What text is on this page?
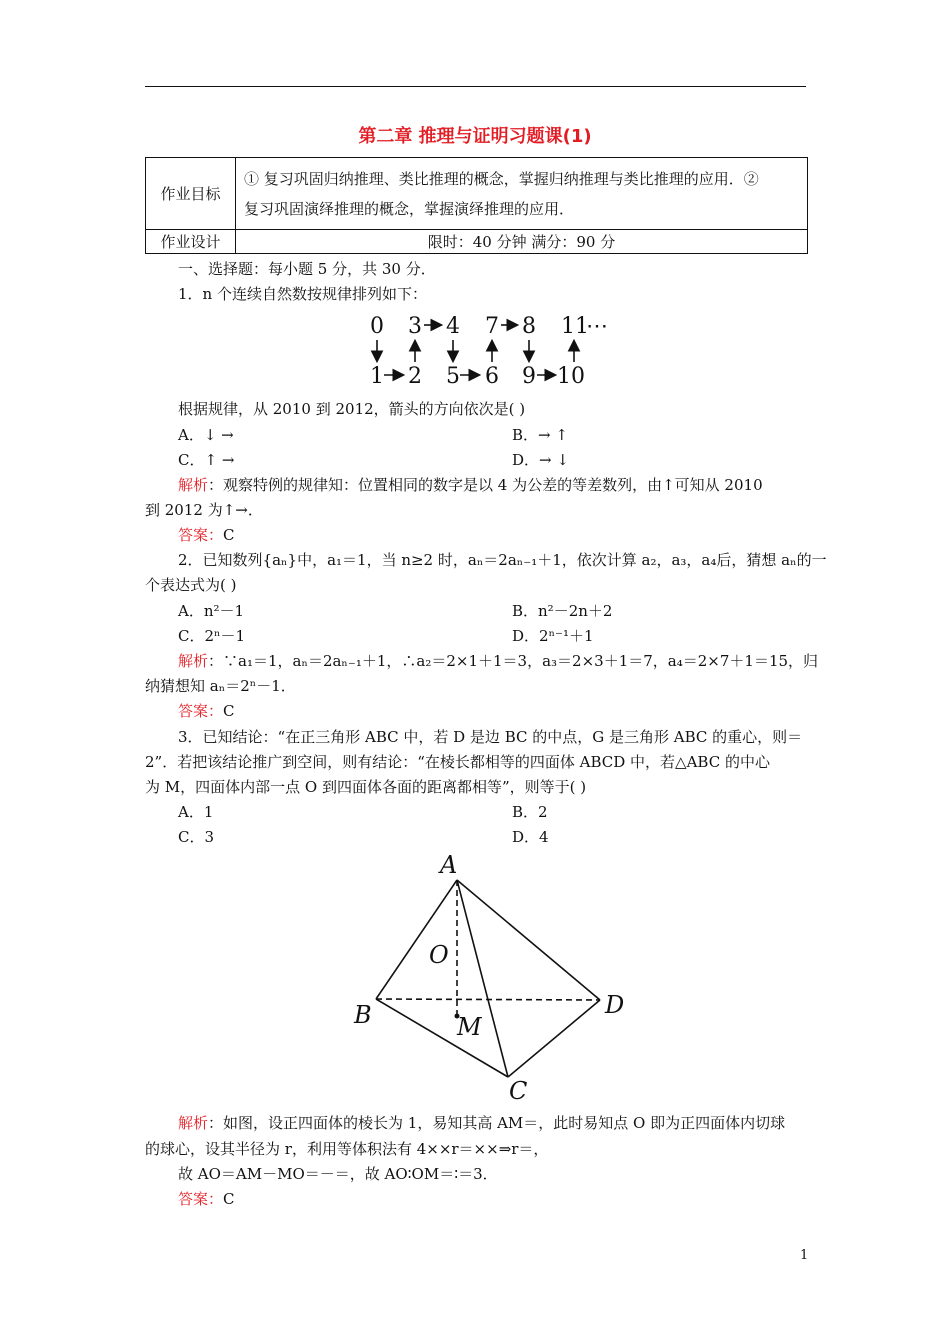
第二章 推理与证明习题课(1)
作业目标	① 复习巩固归纳推理、类比推理的概念，掌握归纳推理与类比推理的应用．②
复习巩固演绎推理的概念，掌握演绎推理的应用．

作业设计	限时：40 分钟 满分：90 分
一、选择题：每小题 5 分，共 30 分．
1．n 个连续自然数按规律排列如下：
0 3 4 7 8 11
⋯
1 2 5 6 9 10
根据规律，从 2010 到 2012，箭头的方向依次是( )
A．↓ →	B．→ ↑
C．↑ →	D．→ ↓
解析：观察特例的规律知：位置相同的数字是以 4 为公差的等差数列，由↑可知从 2010
到 2012 为↑→．
答案：C
2．已知数列{aₙ}中，a₁＝1，当 n≥2 时，aₙ＝2aₙ₋₁＋1，依次计算 a₂，a₃，a₄后，猜想 aₙ的一
个表达式为( )
A．n²－1	B．n²－2n＋2
C．2ⁿ－1	D．2ⁿ⁻¹＋1
解析：∵a₁＝1，aₙ＝2aₙ₋₁＋1，∴a₂＝2×1＋1＝3，a₃＝2×3＋1＝7，a₄＝2×7＋1＝15，归
纳猜想知 aₙ＝2ⁿ－1．
答案：C
3．已知结论：“在正三角形 ABC 中，若 D 是边 BC 的中点，G 是三角形 ABC 的重心，则＝
2”．若把该结论推广到空间，则有结论：“在棱长都相等的四面体 ABCD 中，若△ABC 的中心
为 M，四面体内部一点 O 到四面体各面的距离都相等”，则等于( )
A．1	B．2
C．3	D．4
A
B
C
D
O
M
解析：如图，设正四面体的棱长为 1，易知其高 AM＝，此时易知点 O 即为正四面体内切球
的球心，设其半径为 r，利用等体积法有 4××r＝××⇒r＝，
故 AO＝AM－MO＝－＝，故 AO∶OM＝∶＝3．
答案：C
1
